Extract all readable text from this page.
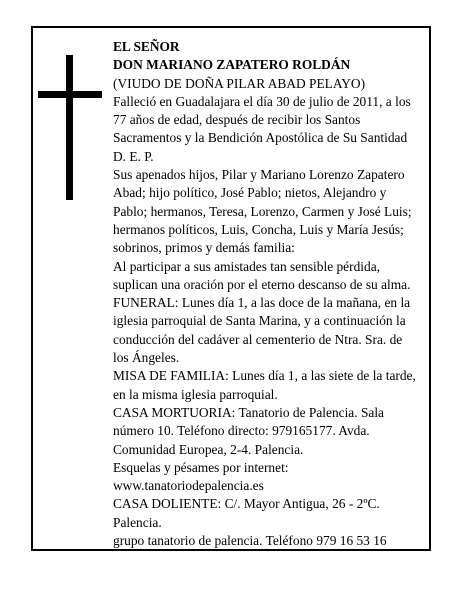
EL SEÑOR

DON MARIANO ZAPATERO ROLDÁN

(VIUDO DE DOÑA PILAR ABAD PELAYO)

Falleció en Guadalajara el día 30 de julio de 2011, a los 77 años de edad, después de recibir los Santos Sacramentos y la Bendición Apostólica de Su Santidad D. E. P.

Sus apenados hijos, Pilar y Mariano Lorenzo Zapatero Abad; hijo político, José Pablo; nietos, Alejandro y Pablo; hermanos, Teresa, Lorenzo, Carmen y José Luis; hermanos políticos, Luis, Concha, Luis y María Jesús; sobrinos, primos y demás familia:

Al participar a sus amistades tan sensible pérdida, suplican una oración por el eterno descanso de su alma.

FUNERAL: Lunes día 1, a las doce de la mañana, en la iglesia parroquial de Santa Marina, y a continuación la conducción del cadáver al cementerio de Ntra. Sra. de los Ángeles.

MISA DE FAMILIA: Lunes día 1, a las siete de la tarde, en la misma iglesia parroquial.

CASA MORTUORIA: Tanatorio de Palencia. Sala número 10. Teléfono directo: 979165177. Avda. Comunidad Europea, 2-4. Palencia.

Esquelas y pésames por internet:

www.tanatoriodepalencia.es

CASA DOLIENTE: C/. Mayor Antigua, 26 - 2ºC. Palencia.

grupo tanatorio de palencia. Teléfono 979 16 53 16
